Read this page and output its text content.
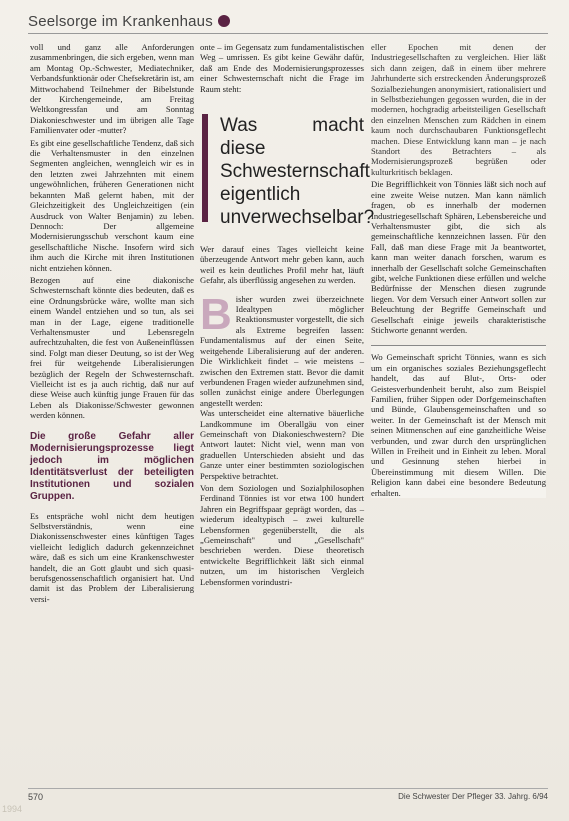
Seelsorge im Krankenhaus

voll und ganz alle Anforderungen zusammenbringen, die sich ergeben, wenn man am Montag Op.-Schwester, Mediatechniker, Verbandsfunktionär oder Chefsekretärin ist, am Mittwochabend Teilnehmer der Bibelstunde der Kirchengemeinde, am Freitag Weltkongressfan und am Sonntag Diakonieschwester und im übrigen alle Tage Familienvater oder -mutter?

Es gibt eine gesellschaftliche Tendenz, daß sich die Verhaltensmuster in den einzelnen Segmenten angleichen, wenngleich wir es in den letzten zwei Jahrzehnten mit einem ungewöhnlichen, früheren Generationen nicht bekannten Maß gelernt haben, mit der Gleichzeitigkeit des Ungleichzeitigen (ein Ausdruck von Walter Benjamin) zu leben. Dennoch: Der allgemeine Modernisierungsschub verschont kaum eine gesellschaftliche Nische. Insofern wird sich ihm auch die Kirche mit ihren Institutionen nicht entziehen können.

Bezogen auf eine diakonische Schwesternschaft könnte dies bedeuten, daß es eine Ordnungsbrücke wäre, wollte man sich einem Wandel entziehen und so tun, als sei man in der Lage, eigene traditionelle Verhaltensmuster und Lebensregeln aufrechtzuhalten, die fest von Außeneinflüssen sind. Folgt man dieser Deutung, so ist der Weg frei für weitgehende Liberalisierungen bezüglich der Regeln der Schwesternschaft. Vielleicht ist es ja auch richtig, daß nur auf diese Weise auch künftig junge Frauen für das Leben als Diakonisse/Schwester gewonnen werden können.

Die große Gefahr aller Modernisierungsprozesse liegt jedoch im möglichen Identitätsverlust der beteiligten Institutionen und sozialen Gruppen.

Es entspräche wohl nicht dem heutigen Selbstverständnis, wenn eine Diakonissenschwester eines künftigen Tages vielleicht lediglich dadurch gekennzeichnet wäre, daß es sich um eine Krankenschwester handelt, die an Gott glaubt und sich quasi-berufsgenossenschaftlich organisiert hat. Und damit ist das Problem der Liberalisierung versi-

onte – im Gegensatz zum fundamentalistischen Weg – umrissen. Es gibt keine Gewähr dafür, daß am Ende des Modernisierungsprozesses einer Schwesternschaft nicht die Frage im Raum steht:

Was macht diese Schwesternschaft eigentlich unverwechselbar?

Wer darauf eines Tages vielleicht keine überzeugende Antwort mehr geben kann, auch weil es kein deutliches Profil mehr hat, läuft Gefahr, als überflüssig angesehen zu werden.

B isher wurden zwei überzeichnete Idealtypen möglicher Reaktionsmuster vorgestellt, die sich als Extreme begreifen lassen: Fundamentalismus auf der einen Seite, weitgehende Liberalisierung auf der anderen. Die Wirklichkeit findet – wie meistens – zwischen den Extremen statt. Bevor die damit verbundenen Fragen wieder aufzunehmen sind, sollen zunächst einige andere Überlegungen angestellt werden:

Was unterscheidet eine alternative bäuerliche Landkommune im Oberallgäu von einer Gemeinschaft von Diakonieschwestern? Die Antwort lautet: Nicht viel, wenn man von graduellen Unterschieden absieht und das Ganze unter einer bestimmten soziologischen Perspektive betrachtet.

Von dem Soziologen und Sozialphilosophen Ferdinand Tönnies ist vor etwa 100 hundert Jahren ein Begriffspaar geprägt worden, das – wiederum idealtypisch – zwei kulturelle Lebensformen gegenüberstellt, die als „Gemeinschaft" und „Gesellschaft" beschrieben werden. Diese theoretisch entwickelte Begrifflichkeit läßt sich einmal nutzen, um im historischen Vergleich Lebensformen vorindustri-

eller Epochen mit denen der Industriegesellschaften zu vergleichen. Hier läßt sich dann zeigen, daß in einem über mehrere Jahrhunderte sich erstreckenden Änderungsprozeß Sozialbeziehungen anonymisiert, rationalisiert und in Selbstbeziehungen gegossen wurden, die in der modernen, hochgradig arbeitsteiligen Gesellschaft den einzelnen Menschen zum Rädchen in einem kaum noch durchschaubaren Funktionsgeflecht machen. Diese Entwicklung kann man – je nach Standort des Betrachters – als Modernisierungsprozeß begrüßen oder kulturkritisch beklagen.

Die Begrifflichkeit von Tönnies läßt sich noch auf eine zweite Weise nutzen. Man kann nämlich fragen, ob es innerhalb der modernen Industriegesellschaft Sphären, Lebensbereiche und Verhaltensmuster gibt, die sich als gemeinschaftliche kennzeichnen lassen. Für den Fall, daß man diese Frage mit Ja beantwortet, kann man weiter danach forschen, warum es innerhalb der Gesellschaft solche Gemeinschaften gibt, welche Funktionen diese erfüllen und welche Bedürfnisse der Menschen diesen zugrunde liegen. Vor dem Versuch einer Antwort sollen zur Beleuchtung der Begriffe Gemeinschaft und Gesellschaft einige jeweils charakteristische Stichworte genannt werden.

Wo Gemeinschaft spricht Tönnies, wann es sich um ein organisches soziales Beziehungsgeflecht handelt, das auf Blut-, Orts- oder Geistesverbundenheit beruht, also zum Beispiel Familien, früher Sippen oder Dorfgemeinschaften und Bünde, Glaubensgemeinschaften und so weiter. In der Gemeinschaft ist der Mensch mit seinen Mitmenschen auf eine ganzheitliche Weise verbunden, und zwar durch den ursprünglichen Willen in Freiheit und in Einheit zu leben. Moral und Gesinnung stehen hierbei in Übereinstimmung mit diesem Willen. Die Religion kann dabei eine besondere Bedeutung erhalten.

570	Die Schwester Der Pfleger 33. Jahrg. 6/94
1994
